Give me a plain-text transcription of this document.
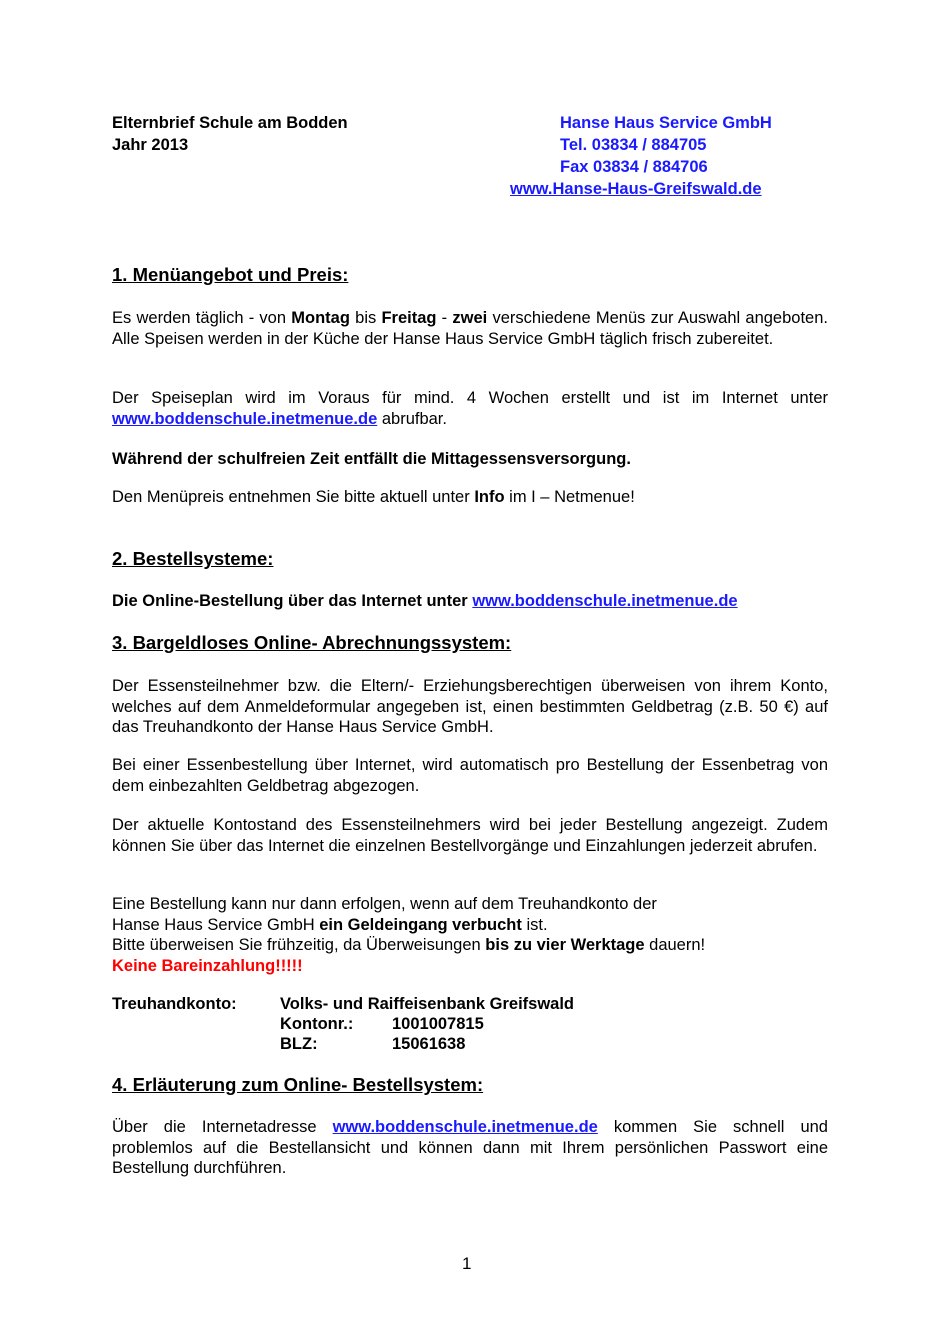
Elternbrief Schule am Bodden
Jahr 2013
Hanse Haus Service GmbH
Tel. 03834 / 884705
Fax 03834 / 884706
www.Hanse-Haus-Greifswald.de
1. Menüangebot und Preis:
Es werden täglich - von Montag bis Freitag - zwei verschiedene Menüs zur Auswahl angeboten. Alle Speisen werden in der Küche der Hanse Haus Service GmbH täglich frisch zubereitet.
Der Speiseplan wird im Voraus für mind. 4 Wochen erstellt und ist im Internet unter www.boddenschule.inetmenue.de abrufbar.
Während der schulfreien Zeit entfällt die Mittagessensversorgung.
Den Menüpreis entnehmen Sie bitte aktuell unter Info im I – Netmenue!
2. Bestellsysteme:
Die Online-Bestellung über das Internet unter www.boddenschule.inetmenue.de
3. Bargeldloses Online- Abrechnungssystem:
Der Essensteilnehmer bzw. die Eltern/- Erziehungsberechtigen überweisen von ihrem Konto, welches auf dem Anmeldeformular angegeben ist, einen bestimmten Geldbetrag (z.B. 50 €) auf das Treuhandkonto der Hanse Haus Service GmbH.
Bei einer Essenbestellung über Internet, wird automatisch pro Bestellung der Essenbetrag von dem einbezahlten Geldbetrag abgezogen.
Der aktuelle Kontostand des Essensteilnehmers wird bei jeder Bestellung angezeigt. Zudem können Sie über das Internet die einzelnen Bestellvorgänge und Einzahlungen jederzeit abrufen.
Eine Bestellung kann nur dann erfolgen, wenn auf dem Treuhandkonto der
Hanse Haus Service GmbH ein Geldeingang verbucht ist.
Bitte überweisen Sie frühzeitig, da Überweisungen bis zu vier Werktage dauern!
Keine Bareinzahlung!!!!!
Treuhandkonto:	Volks- und Raiffeisenbank Greifswald
Kontonr.: 1001007815
BLZ:	15061638
4. Erläuterung zum Online- Bestellsystem:
Über die Internetadresse www.boddenschule.inetmenue.de kommen Sie schnell und problemlos auf die Bestellansicht und können dann mit Ihrem persönlichen Passwort eine Bestellung durchführen.
1
